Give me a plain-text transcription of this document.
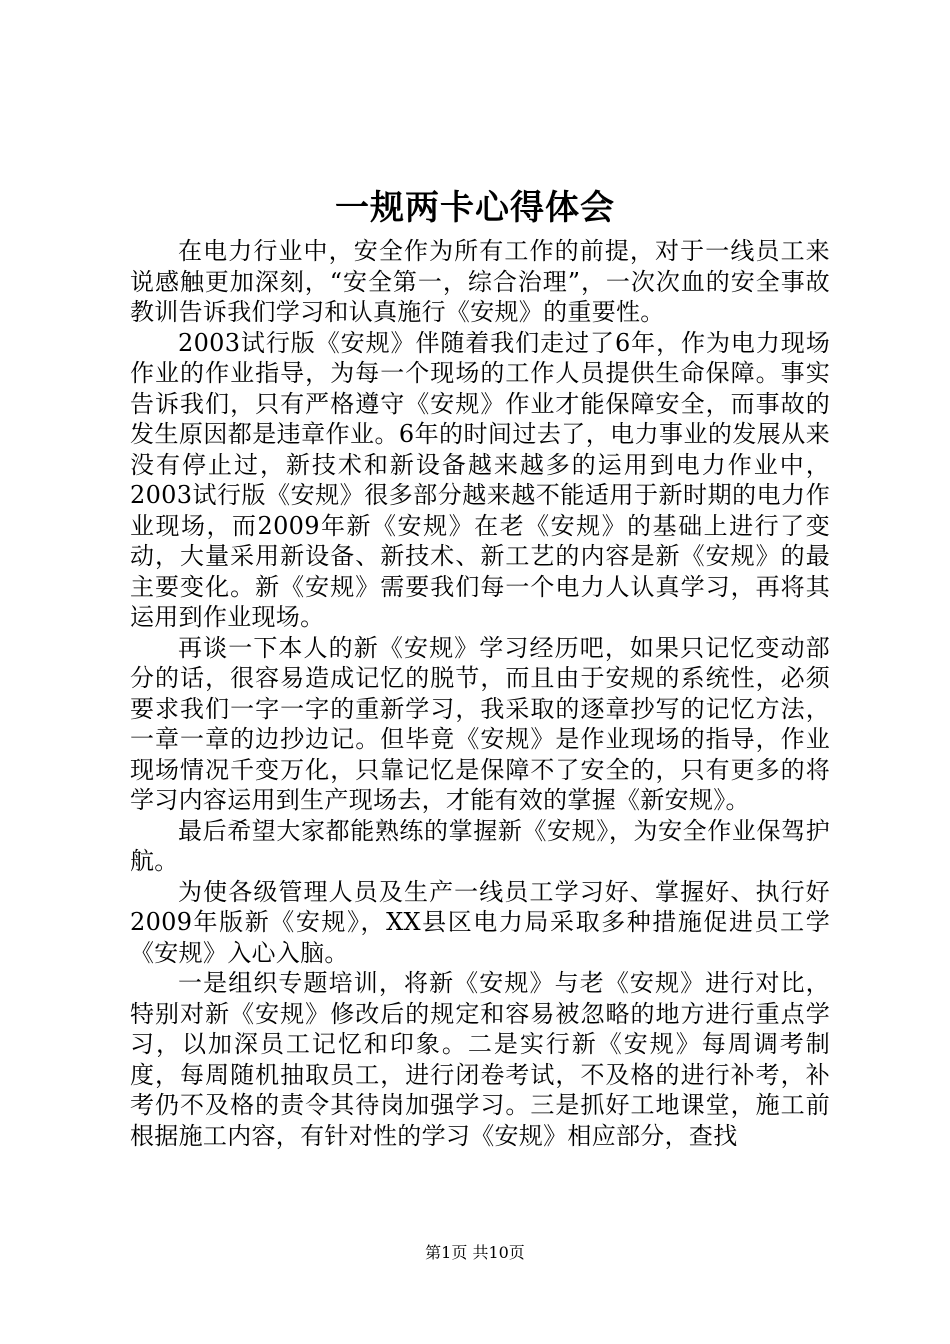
一规两卡心得体会

在电力行业中，安全作为所有工作的前提，对于一线员工来说感触更加深刻，“安全第一，综合治理”，一次次血的安全事故教训告诉我们学习和认真施行《安规》的重要性。

2003试行版《安规》伴随着我们走过了6年，作为电力现场作业的作业指导，为每一个现场的工作人员提供生命保障。事实告诉我们，只有严格遵守《安规》作业才能保障安全，而事故的发生原因都是违章作业。6年的时间过去了，电力事业的发展从来没有停止过，新技术和新设备越来越多的运用到电力作业中，2003试行版《安规》很多部分越来越不能适用于新时期的电力作业现场，而2009年新《安规》在老《安规》的基础上进行了变动，大量采用新设备、新技术、新工艺的内容是新《安规》的最主要变化。新《安规》需要我们每一个电力人认真学习，再将其运用到作业现场。

再谈一下本人的新《安规》学习经历吧，如果只记忆变动部分的话，很容易造成记忆的脱节，而且由于安规的系统性，必须要求我们一字一字的重新学习，我采取的逐章抄写的记忆方法，一章一章的边抄边记。但毕竟《安规》是作业现场的指导，作业现场情况千变万化，只靠记忆是保障不了安全的，只有更多的将学习内容运用到生产现场去，才能有效的掌握《新安规》。

最后希望大家都能熟练的掌握新《安规》，为安全作业保驾护航。

为使各级管理人员及生产一线员工学习好、掌握好、执行好2009年版新《安规》，XX县区电力局采取多种措施促进员工学《安规》入心入脑。

一是组织专题培训，将新《安规》与老《安规》进行对比，特别对新《安规》修改后的规定和容易被忽略的地方进行重点学习，以加深员工记忆和印象。二是实行新《安规》每周调考制度，每周随机抽取员工，进行闭卷考试，不及格的进行补考，补考仍不及格的责令其待岗加强学习。三是抓好工地课堂，施工前根据施工内容，有针对性的学习《安规》相应部分，查找

第1页 共10页
